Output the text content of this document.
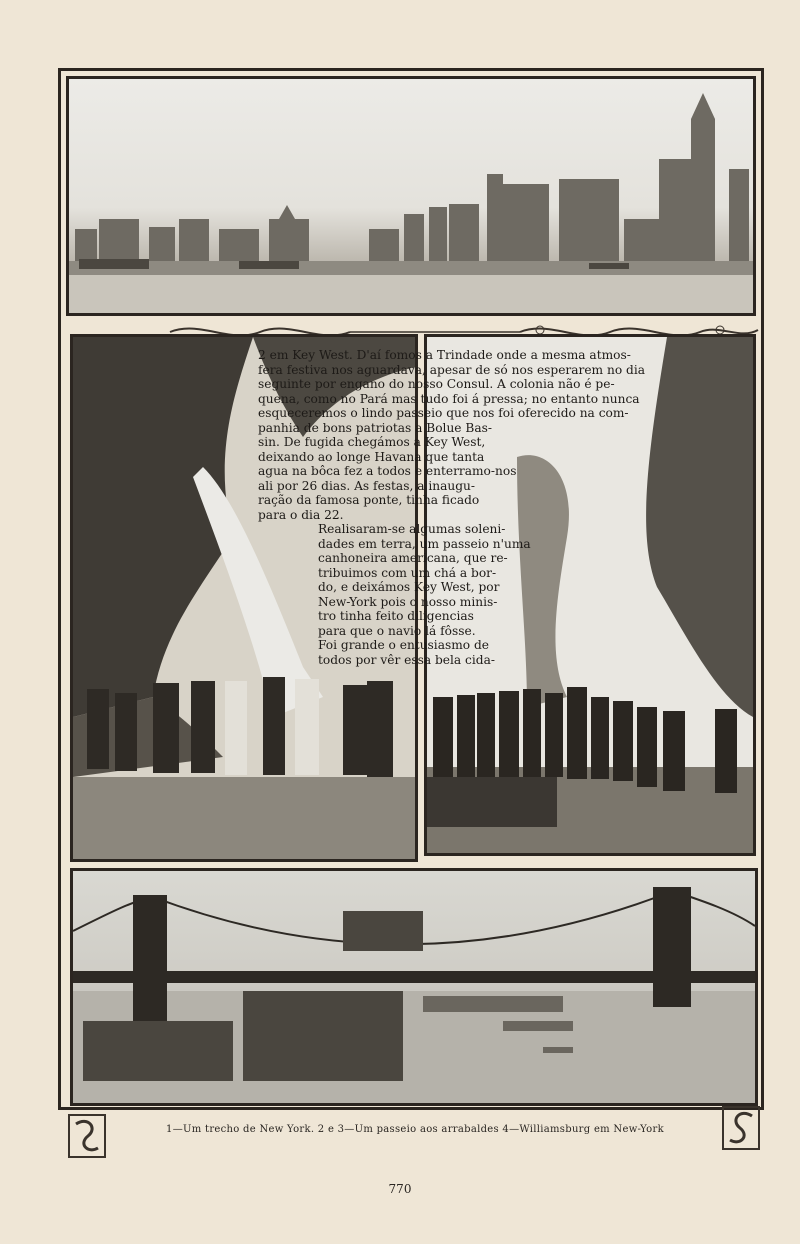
2 em Key West. D'aí fomos a Trindade onde a mesma atmos-
fera festiva nos aguardava, apesar de só nos esperarem no dia
seguinte por engano do nosso Consul. A colonia não é pe-
quena, como no Pará mas tudo foi á pressa; no entanto nunca
esqueceremos o lindo passeio que nos foi oferecido na com-
panhia de bons patriotas a Bolue Bas-
sin. De fugida chegámos a Key West,
deixando ao longe Havana que tanta
agua na bôca fez a todos e enterramo-nos
ali por 26 dias. As festas, a inaugu-
ração da famosa ponte, tinha ficado
para o dia 22.
Realisaram-se algumas soleni-
dades em terra, um passeio n'uma
canhoneira americana, que re-
tribuimos com um chá a bor-
do, e deixámos Key West, por
New-York pois o nosso minis-
tro tinha feito diligencias
para que o navio lá fôsse.
Foi grande o entusiasmo de
todos por vêr essa bela cida-
1—Um trecho de New York. 2 e 3—Um passeio aos arrabaldes 4—Williamsburg em New-York
770
